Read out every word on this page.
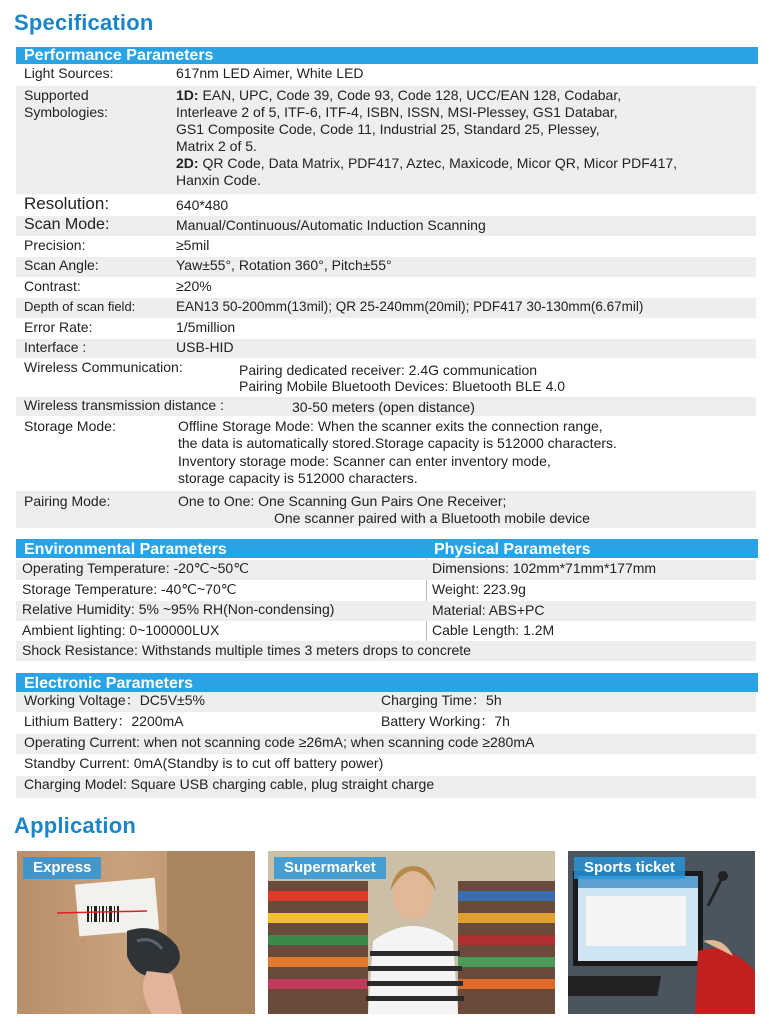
Specification
Performance Parameters
Light Sources:	617nm LED Aimer, White LED
Supported
Symbologies:
1D: EAN, UPC, Code 39, Code 93, Code 128, UCC/EAN 128, Codabar,
Interleave 2 of 5, ITF-6, ITF-4, ISBN, ISSN, MSI-Plessey, GS1 Databar,
GS1 Composite Code, Code 11, Industrial 25, Standard 25, Plessey,
Matrix 2 of 5.
2D: QR Code, Data Matrix, PDF417, Aztec, Maxicode, Micor QR, Micor PDF417,
Hanxin Code.
Resolution:	640*480
Scan Mode:	Manual/Continuous/Automatic Induction Scanning
Precision:	≥5mil
Scan Angle:	Yaw±55°, Rotation 360°, Pitch±55°
Contrast:	≥20%
Depth of scan field:	EAN13 50-200mm(13mil); QR 25-240mm(20mil); PDF417 30-130mm(6.67mil)
Error Rate:	1/5million
Interface :	USB-HID
Wireless Communication:	Pairing dedicated receiver: 2.4G communication
Pairing Mobile Bluetooth Devices: Bluetooth BLE 4.0
Wireless transmission distance :	30-50 meters (open distance)
Storage Mode:	Offline Storage Mode: When the scanner exits the connection range,
the data is automatically stored.Storage capacity is 512000 characters.
Inventory storage mode: Scanner can enter inventory mode,
storage capacity is 512000 characters.
Pairing Mode:	One to One: One Scanning Gun Pairs One Receiver;
One scanner paired with a Bluetooth mobile device
Environmental Parameters	Physical Parameters
Operating Temperature: -20℃~50℃	Dimensions: 102mm*71mm*177mm
Storage Temperature: -40℃~70℃	Weight: 223.9g
Relative Humidity: 5% ~95% RH(Non-condensing)	Material: ABS+PC
Ambient lighting: 0~100000LUX	Cable Length: 1.2M
Shock Resistance: Withstands multiple times 3 meters drops to concrete
Electronic Parameters
Working Voltage：DC5V±5%	Charging Time：5h
Lithium Battery：2200mA	Battery Working：7h
Operating Current: when not scanning code ≥26mA; when scanning code ≥280mA
Standby Current: 0mA(Standby is to cut off battery power)
Charging Model: Square USB charging cable, plug straight charge
Application
Express	Supermarket	Sports ticket
